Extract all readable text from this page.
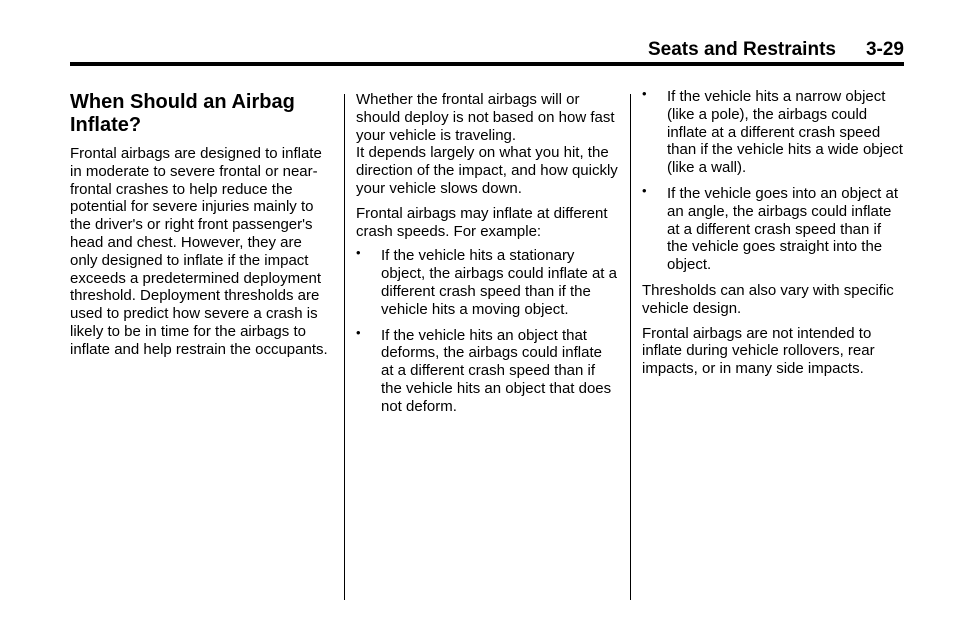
Seats and Restraints 3-29
When Should an Airbag Inflate?

Frontal airbags are designed to inflate in moderate to severe frontal or near-frontal crashes to help reduce the potential for severe injuries mainly to the driver's or right front passenger's head and chest. However, they are only designed to inflate if the impact exceeds a predetermined deployment threshold. Deployment thresholds are used to predict how severe a crash is likely to be in time for the airbags to inflate and help restrain the occupants.

Whether the frontal airbags will or should deploy is not based on how fast your vehicle is traveling.

It depends largely on what you hit, the direction of the impact, and how quickly your vehicle slows down.

Frontal airbags may inflate at different crash speeds. For example:

• If the vehicle hits a stationary object, the airbags could inflate at a different crash speed than if the vehicle hits a moving object.
• If the vehicle hits an object that deforms, the airbags could inflate at a different crash speed than if the vehicle hits an object that does not deform.
• If the vehicle hits a narrow object (like a pole), the airbags could inflate at a different crash speed than if the vehicle hits a wide object (like a wall).
• If the vehicle goes into an object at an angle, the airbags could inflate at a different crash speed than if the vehicle goes straight into the object.

Thresholds can also vary with specific vehicle design.

Frontal airbags are not intended to inflate during vehicle rollovers, rear impacts, or in many side impacts.
